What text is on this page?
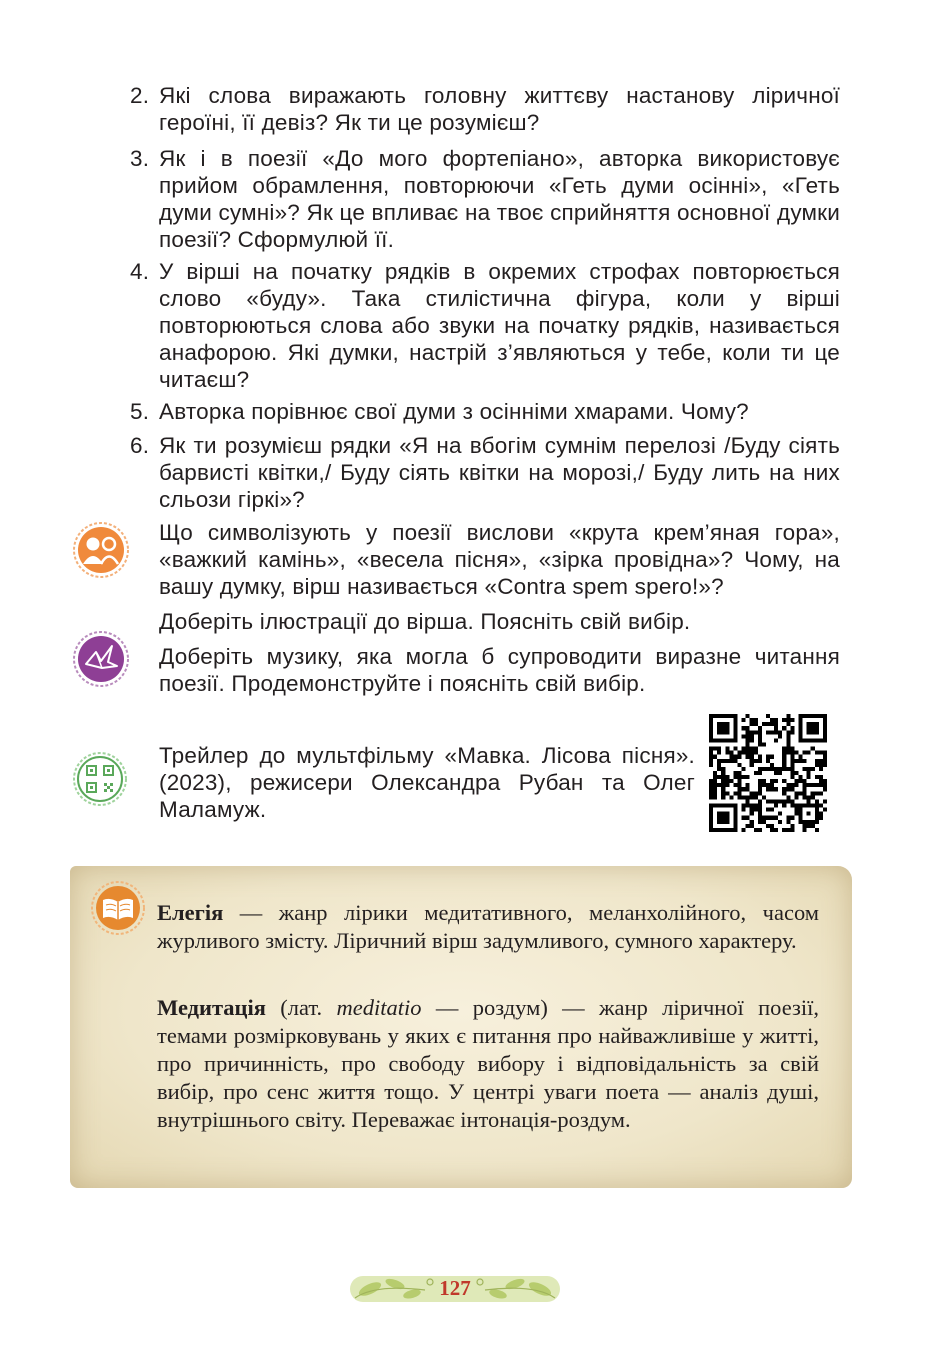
2. Які слова виражають головну життєву настанову ліричної героїні, її девіз? Як ти це розумієш?
3. Як і в поезії «До мого фортепіано», авторка використовує прийом обрамлення, повторюючи «Геть думи осінні», «Геть думи сумні»? Як це впливає на твоє сприйняття основної думки поезії? Сформулюй її.
4. У вірші на початку рядків в окремих строфах повторюється слово «буду». Така стилістична фігура, коли у вірші повторюються слова або звуки на початку рядків, називається анафорою. Які думки, настрій з’являються у тебе, коли ти це читаєш?
5. Авторка порівнює свої думи з осінніми хмарами. Чому?
6. Як ти розумієш рядки «Я на вбогім сумнім перелозі /Буду сіять барвисті квітки,/ Буду сіять квітки на морозі,/ Буду лить на них сльози гіркі»?
Що символізують у поезії вислови «крута крем’яная гора», «важкий камінь», «весела пісня», «зірка провідна»? Чому, на вашу думку, вірш називається «Contra spem spero!»?
Доберіть ілюстрації до вірша. Поясніть свій вибір.
Доберіть музику, яка могла б супроводити виразне читання поезії. Продемонструйте і поясніть свій вибір.
Трейлер до мультфільму «Мавка. Лісова пісня». (2023), режисери Олександра Рубан та Олег Маламуж.
Елегія — жанр лірики медитативного, меланхолійного, часом журливого змісту. Ліричний вірш задумливого, сумного характеру.
Медитація (лат. meditatio — роздум) — жанр ліричної поезії, темами розмірковувань у яких є питання про найважливіше у житті, про причинність, про свободу вибору і відповідальність за свій вибір, про сенс життя тощо. У центрі уваги поета — аналіз душі, внутрішнього світу. Переважає інтонація-роздум.
127
